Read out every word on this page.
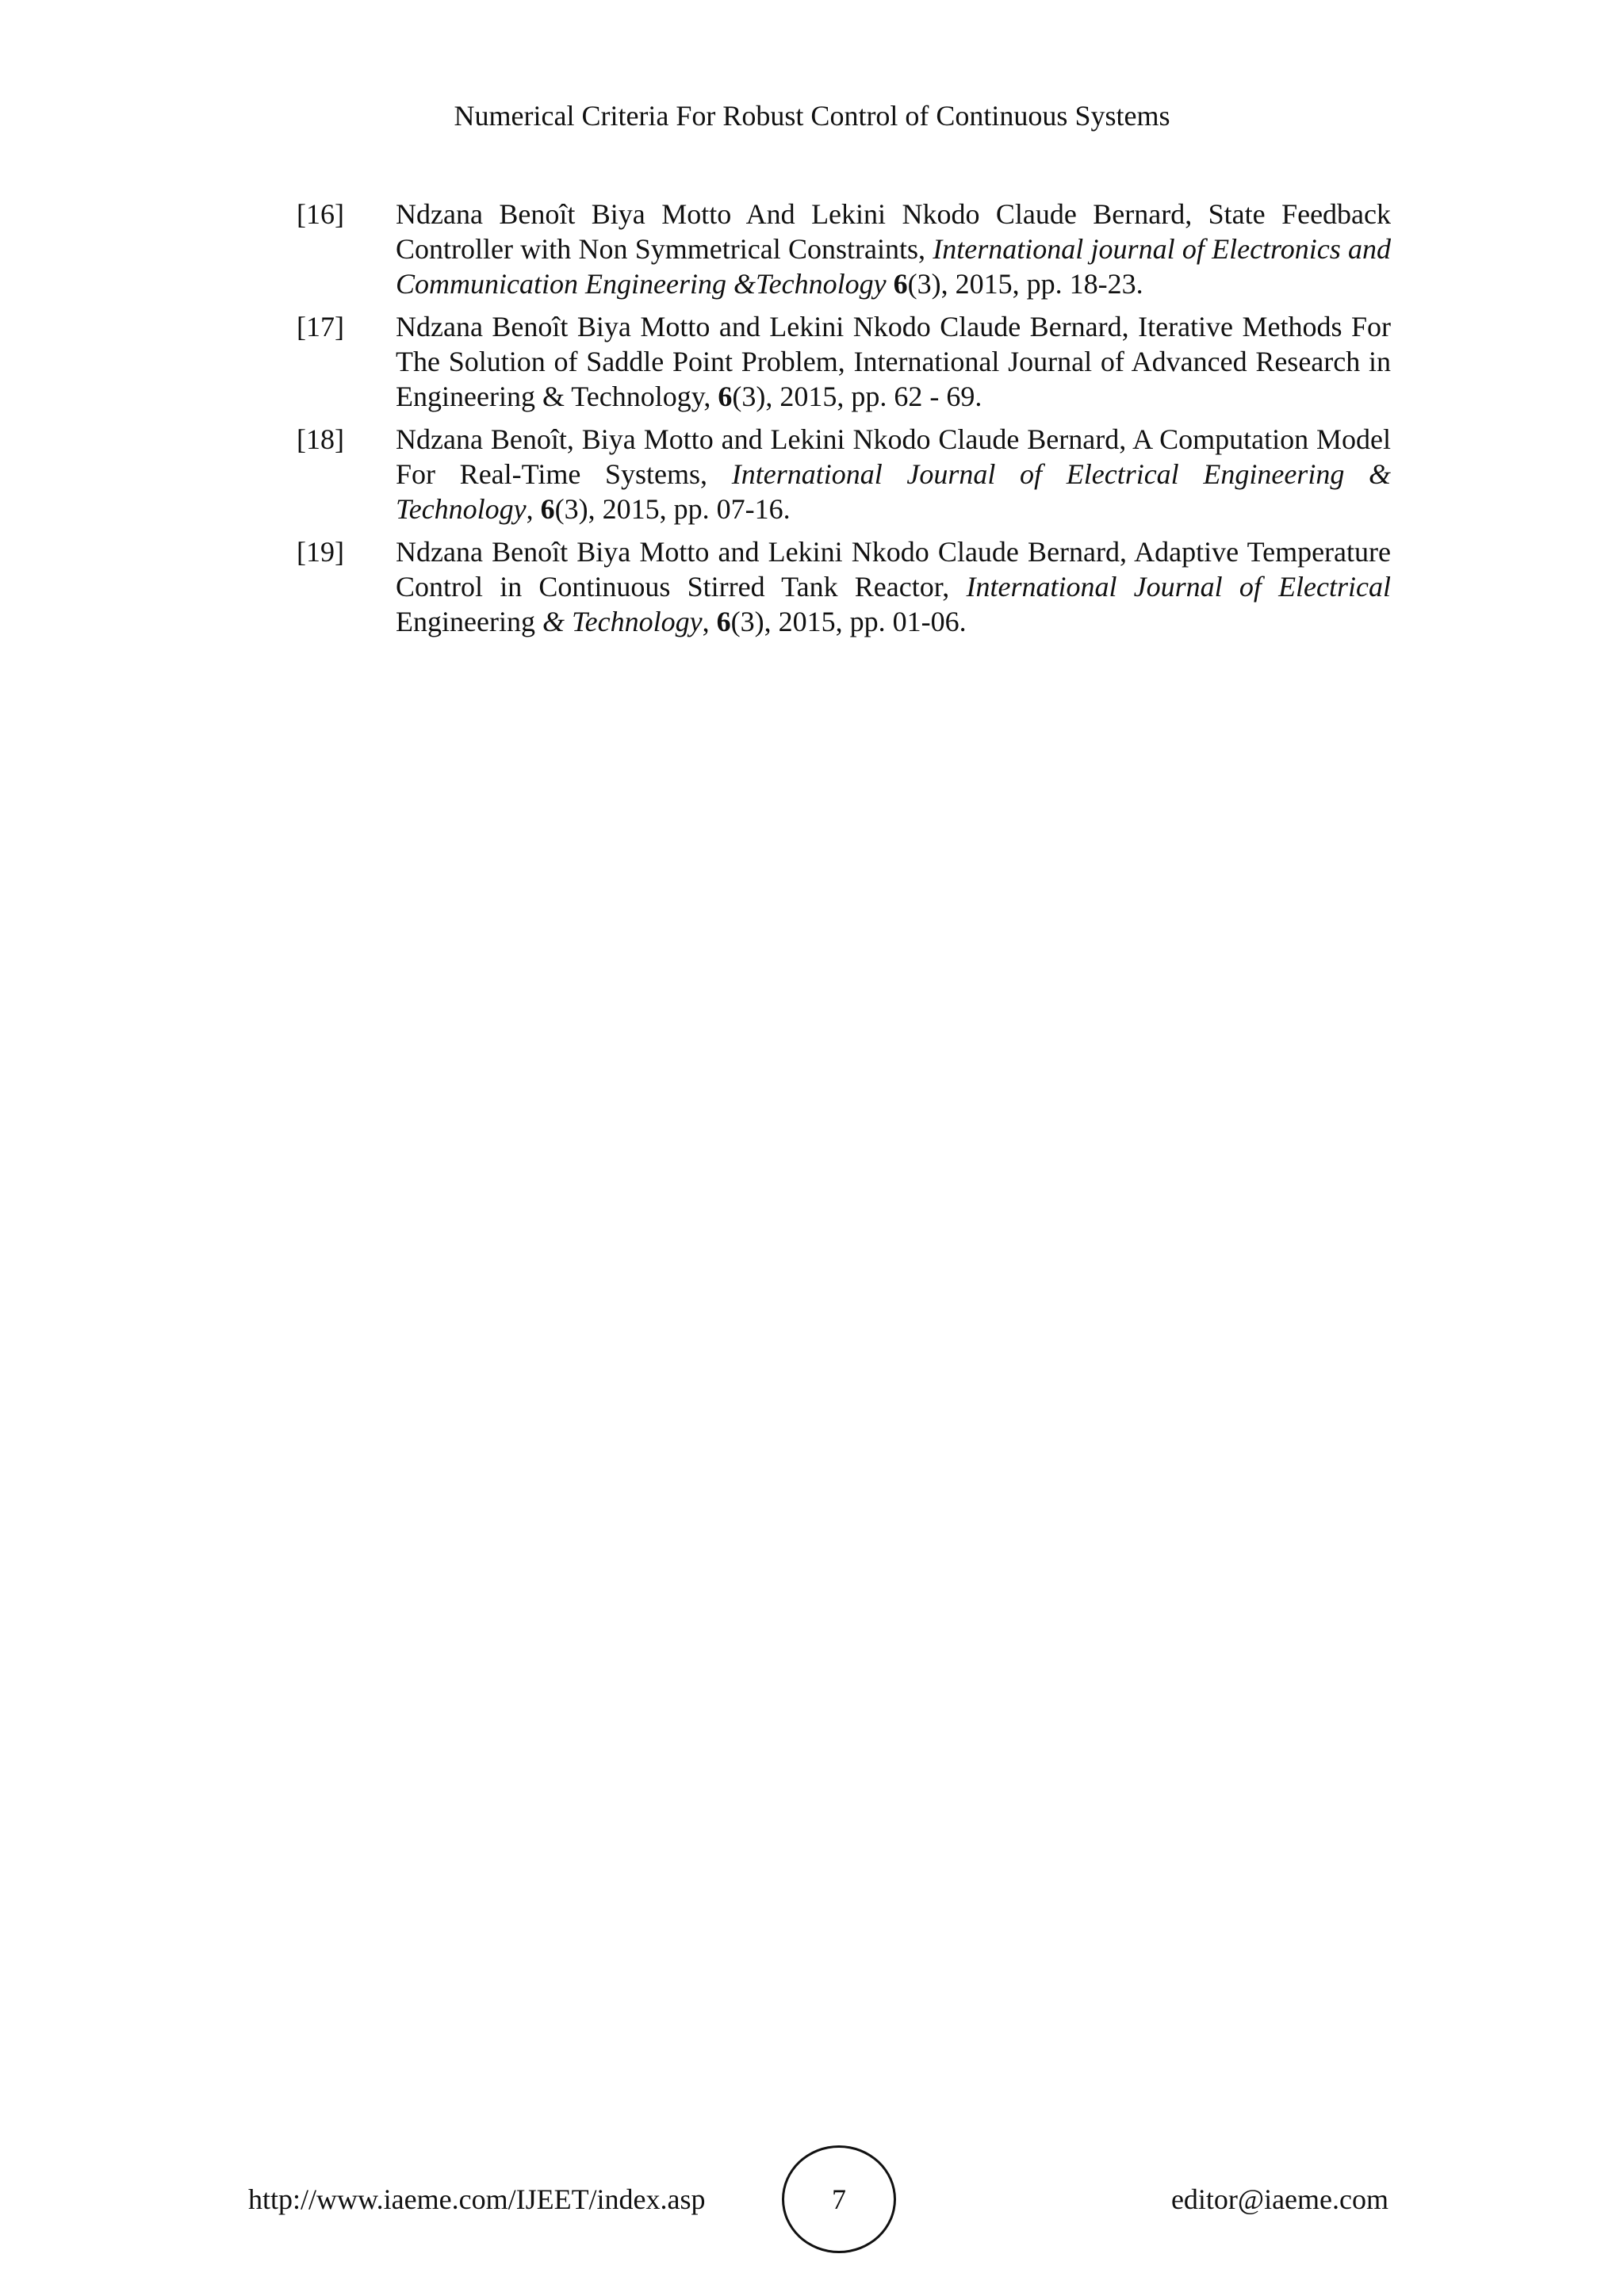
Numerical Criteria For Robust Control of Continuous Systems
[16] Ndzana Benoît Biya Motto And Lekini Nkodo Claude Bernard, State Feedback Controller with Non Symmetrical Constraints, International journal of Electronics and Communication Engineering &Technology 6(3), 2015, pp. 18-23.
[17] Ndzana Benoît Biya Motto and Lekini Nkodo Claude Bernard, Iterative Methods For The Solution of Saddle Point Problem, International Journal of Advanced Research in Engineering & Technology, 6(3), 2015, pp. 62 - 69.
[18] Ndzana Benoît, Biya Motto and Lekini Nkodo Claude Bernard, A Computation Model For Real-Time Systems, International Journal of Electrical Engineering & Technology, 6(3), 2015, pp. 07-16.
[19] Ndzana Benoît Biya Motto and Lekini Nkodo Claude Bernard, Adaptive Temperature Control in Continuous Stirred Tank Reactor, International Journal of Electrical Engineering & Technology, 6(3), 2015, pp. 01-06.
http://www.iaeme.com/IJEET/index.asp	7	editor@iaeme.com
